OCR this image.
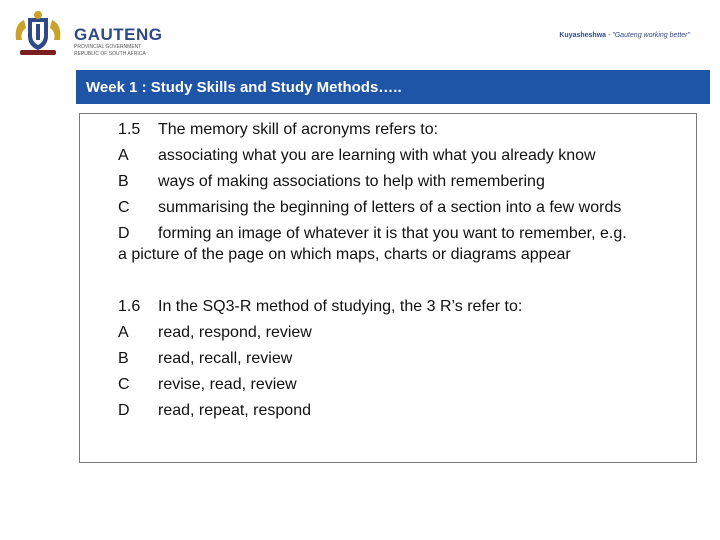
GAUTENG
PROVINCIAL GOVERNMENT
REPUBLIC OF SOUTH AFRICA
Kuyasheshwa - "Gauteng working better"
Week 1 : Study Skills and Study Methods…..
1.5 The memory skill of acronyms refers to:
A associating what you are learning with what you already know
B ways of making associations to help with remembering
C summarising the beginning of letters of a section into a few words
D forming an image of whatever it is that you want to remember, e.g.
a picture of the page on which maps, charts or diagrams appear
1.6 In the SQ3-R method of studying, the 3 R’s refer to:
A read, respond, review
B read, recall, review
C revise, read, review
D read, repeat, respond
